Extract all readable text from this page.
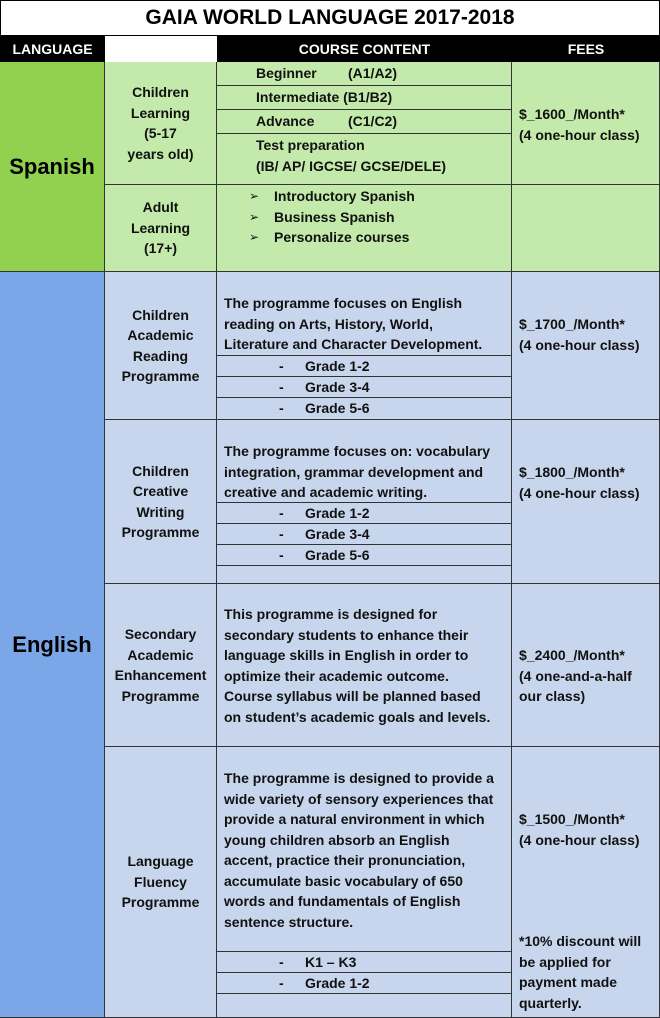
GAIA WORLD LANGUAGE 2017-2018
LANGUAGE	COURSE CONTENT	FEES
Spanish
Children
Learning
(5-17
years old)
Beginner (A1/A2)
Intermediate (B1/B2)
Advance (C1/C2)
Test preparation
(IB/ AP/ IGCSE/ GCSE/DELE)
$_1600_/Month*
(4 one-hour class)
Adult
Learning
(17+)
➢ Introductory Spanish
➢ Business Spanish
➢ Personalize courses
English
Children
Academic
Reading
Programme
The programme focuses on English
reading on Arts, History, World,
Literature and Character Development.
- Grade 1-2
- Grade 3-4
- Grade 5-6
$_1700_/Month*
(4 one-hour class)
Children
Creative
Writing
Programme
The programme focuses on: vocabulary
integration, grammar development and
creative and academic writing.
- Grade 1-2
- Grade 3-4
- Grade 5-6
$_1800_/Month*
(4 one-hour class)
Secondary
Academic
Enhancement
Programme
This programme is designed for
secondary students to enhance their
language skills in English in order to
optimize their academic outcome.
Course syllabus will be planned based
on student’s academic goals and levels.
$_2400_/Month*
(4 one-and-a-half
our class)
Language
Fluency
Programme
The programme is designed to provide a
wide variety of sensory experiences that
provide a natural environment in which
young children absorb an English
accent, practice their pronunciation,
accumulate basic vocabulary of 650
words and fundamentals of English
sentence structure.
- K1 – K3
- Grade 1-2
$_1500_/Month*
(4 one-hour class)
*10% discount will
be applied for
payment made
quarterly.
